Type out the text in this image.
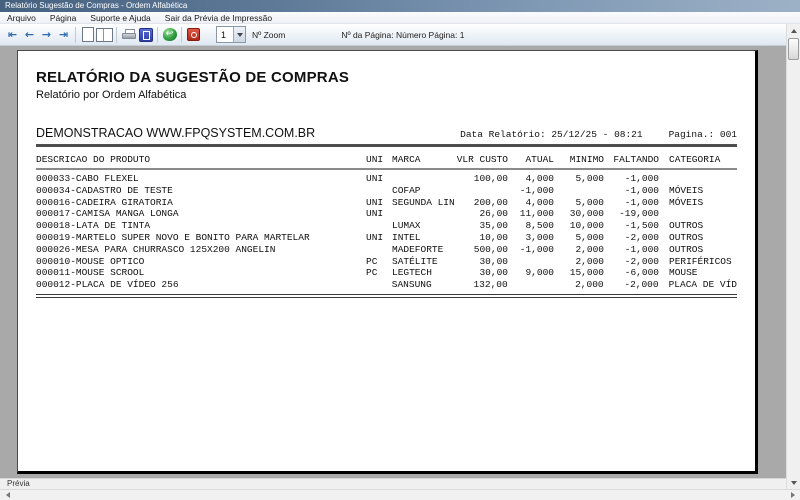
Relatório Sugestão de Compras - Ordem Alfabética
Arquivo	Página	Suporte e Ajuda	Sair da Prévia de Impressão
⇤ ← → ⇥	↩	1	Nº Zoom	Nº da Página: Número Página: 1
RELATÓRIO DA SUGESTÃO DE COMPRAS
Relatório por Ordem Alfabética
DEMONSTRACAO WWW.FPQSYSTEM.COM.BR	Data Relatório: 25/12/25 - 08:21	Pagina.: 001
DESCRICAO DO PRODUTO	UNI MARCA	VLR CUSTO	ATUAL	MINIMO FALTANDO	CATEGORIA
000033-CABO FLEXEL	UNI	100,00	4,000	5,000	-1,000
000034-CADASTRO DE TESTE	COFAP	-1,000	-1,000	MÓVEIS
000016-CADEIRA GIRATORIA	UNI SEGUNDA LIN	200,00	4,000	5,000	-1,000	MÓVEIS
000017-CAMISA MANGA LONGA	UNI	26,00	11,000	30,000	-19,000
000018-LATA DE TINTA	LUMAX	35,00	8,500	10,000	-1,500	OUTROS
000019-MARTELO SUPER NOVO E BONITO PARA MARTELAR	UNI INTEL	10,00	3,000	5,000	-2,000	OUTROS
000026-MESA PARA CHURRASCO 125X200 ANGELIN	MADEFORTE	500,00	-1,000	2,000	-1,000	OUTROS
000010-MOUSE OPTICO	PC	SATÉLITE	30,00	2,000	-2,000	PERIFÉRICOS
000011-MOUSE SCROOL	PC	LEGTECH	30,00	9,000	15,000	-6,000	MOUSE
000012-PLACA DE VÍDEO 256	SANSUNG	132,00	2,000	-2,000	PLACA DE VÍD
Prévia
